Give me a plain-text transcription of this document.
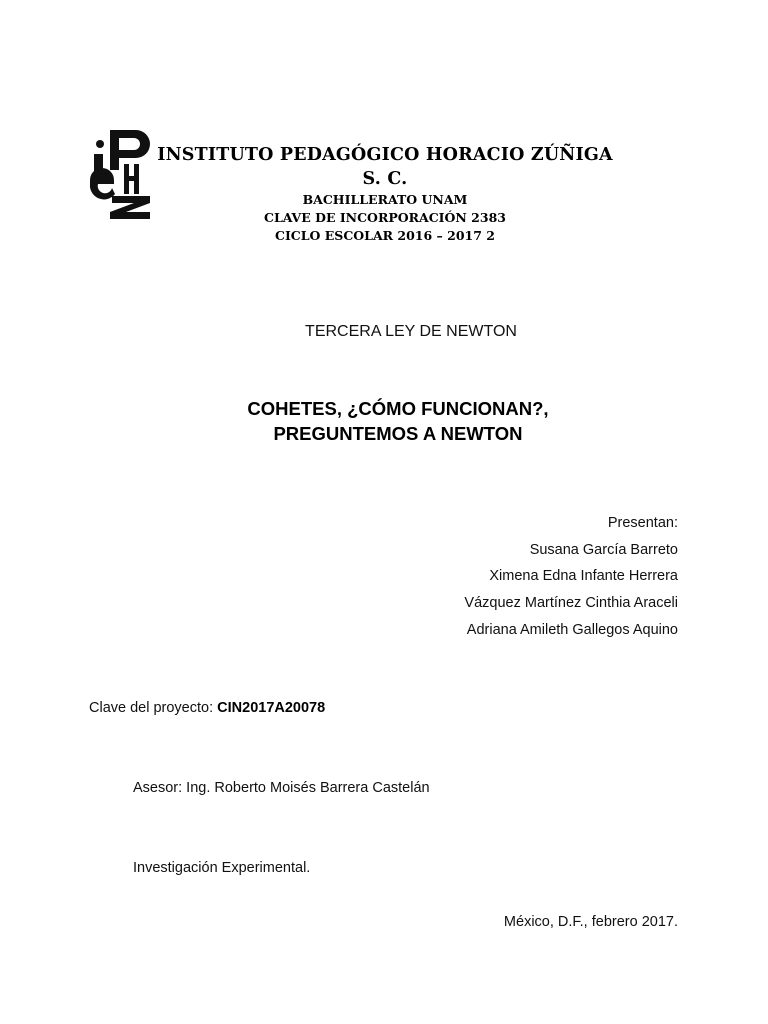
INSTITUTO PEDAGÓGICO HORACIO ZÚÑIGA S. C.
BACHILLERATO UNAM
CLAVE DE INCORPORACIÓN 2383
CICLO ESCOLAR 2016 – 2017 2
TERCERA LEY DE NEWTON
COHETES, ¿CÓMO FUNCIONAN?,
PREGUNTEMOS A NEWTON
Presentan:
Susana García Barreto
Ximena Edna Infante Herrera
Vázquez Martínez Cinthia Araceli
Adriana Amileth Gallegos Aquino
Clave del proyecto: CIN2017A20078
Asesor: Ing. Roberto Moisés Barrera Castelán
Investigación Experimental.
México, D.F., febrero 2017.
